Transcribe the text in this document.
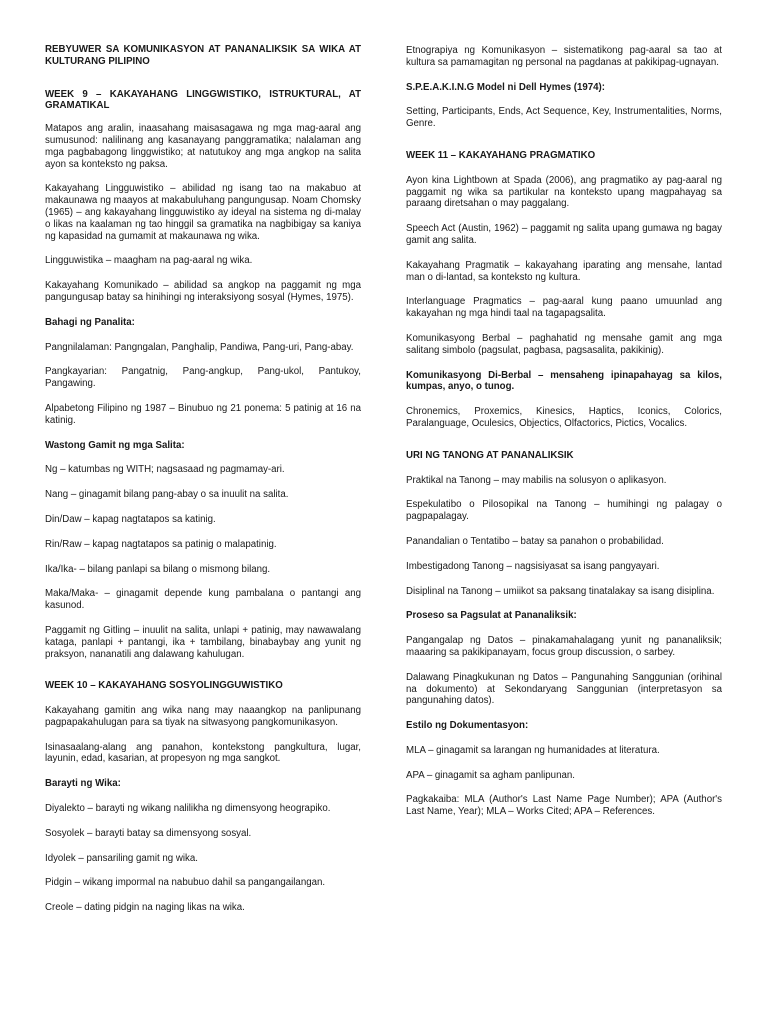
REBYUWER SA KOMUNIKASYON AT PANANALIKSIK SA WIKA AT KULTURANG PILIPINO
WEEK 9 – KAKAYAHANG LINGGWISTIKO, ISTRUKTURAL, AT GRAMATIKAL

Matapos ang aralin, inaasahang maisasagawa ng mga mag-aaral ang sumusunod: nalilinang ang kasanayang panggramatika; nalalaman ang mga pagbabagong linggwistiko; at natutukoy ang mga angkop na salita ayon sa konteksto ng paksa.

Kakayahang Lingguwistiko – abilidad ng isang tao na makabuo at makaunawa ng maayos at makabuluhang pangungusap. Noam Chomsky (1965) – ang kakayahang lingguwistiko ay ideyal na sistema ng di-malay o likas na kaalaman ng tao hinggil sa gramatika na nagbibigay sa kaniya ng kapasidad na gumamit at makaunawa ng wika.

Lingguwistika – maagham na pag-aaral ng wika.

Kakayahang Komunikado – abilidad sa angkop na paggamit ng mga pangungusap batay sa hinihingi ng interaksiyong sosyal (Hymes, 1975).

Bahagi ng Panalita:

Pangnilalaman: Pangngalan, Panghalip, Pandiwa, Pang-uri, Pang-abay.

Pangkayarian: Pangatnig, Pang-angkup, Pang-ukol, Pantukoy, Pangawing.

Alpabetong Filipino ng 1987 – Binubuo ng 21 ponema: 5 patinig at 16 na katinig.

Wastong Gamit ng mga Salita:

Ng – katumbas ng WITH; nagsasaad ng pagmamay-ari.

Nang – ginagamit bilang pang-abay o sa inuulit na salita.

Din/Daw – kapag nagtatapos sa katinig.

Rin/Raw – kapag nagtatapos sa patinig o malapatinig.

Ika/Ika- – bilang panlapi sa bilang o mismong bilang.

Maka/Maka- – ginagamit depende kung pambalana o pantangi ang kasunod.

Paggamit ng Gitling – inuulit na salita, unlapi + patinig, may nawawalang kataga, panlapi + pantangi, ika + tambilang, binabaybay ang yunit ng praksyon, nananatili ang dalawang kahulugan.

WEEK 10 – KAKAYAHANG SOSYOLINGGUWISTIKO

Kakayahang gamitin ang wika nang may naaangkop na panlipunang pagpapakahulugan para sa tiyak na sitwasyong pangkomunikasyon.

Isinasaalang-alang ang panahon, kontekstong pangkultura, lugar, layunin, edad, kasarian, at propesyon ng mga sangkot.

Barayti ng Wika:

Diyalekto – barayti ng wikang nalilikha ng dimensyong heograpiko.

Sosyolek – barayti batay sa dimensyong sosyal.

Idyolek – pansariling gamit ng wika.

Pidgin – wikang impormal na nabubuo dahil sa pangangailangan.

Creole – dating pidgin na naging likas na wika.

Etnograpiya ng Komunikasyon – sistematikong pag-aaral sa tao at kultura sa pamamagitan ng personal na pagdanas at pakikipag-ugnayan.

S.P.E.A.K.I.N.G Model ni Dell Hymes (1974):

Setting, Participants, Ends, Act Sequence, Key, Instrumentalities, Norms, Genre.

WEEK 11 – KAKAYAHANG PRAGMATIKO

Ayon kina Lightbown at Spada (2006), ang pragmatiko ay pag-aaral ng paggamit ng wika sa partikular na konteksto upang magpahayag sa paraang diretsahan o may paggalang.

Speech Act (Austin, 1962) – paggamit ng salita upang gumawa ng bagay gamit ang salita.

Kakayahang Pragmatik – kakayahang iparating ang mensahe, lantad man o di-lantad, sa konteksto ng kultura.

Interlanguage Pragmatics – pag-aaral kung paano umuunlad ang kakayahan ng mga hindi taal na tagapagsalita.

Komunikasyong Berbal – paghahatid ng mensahe gamit ang mga salitang simbolo (pagsulat, pagbasa, pagsasalita, pakikinig).

Komunikasyong Di-Berbal – mensaheng ipinapahayag sa kilos, kumpas, anyo, o tunog.

Chronemics, Proxemics, Kinesics, Haptics, Iconics, Colorics, Paralanguage, Oculesics, Objectics, Olfactorics, Pictics, Vocalics.

URI NG TANONG AT PANANALIKSIK

Praktikal na Tanong – may mabilis na solusyon o aplikasyon.

Espekulatibo o Pilosopikal na Tanong – humihingi ng palagay o pagpapalagay.

Panandalian o Tentatibo – batay sa panahon o probabilidad.

Imbestigadong Tanong – nagsisiyasat sa isang pangyayari.

Disiplinal na Tanong – umiikot sa paksang tinatalakay sa isang disiplina.

Proseso sa Pagsulat at Pananaliksik:

Pangangalap ng Datos – pinakamahalagang yunit ng pananaliksik; maaaring sa pakikipanayam, focus group discussion, o sarbey.

Dalawang Pinagkukunan ng Datos – Pangunahing Sanggunian (orihinal na dokumento) at Sekondaryang Sanggunian (interpretasyon sa pangunahing datos).

Estilo ng Dokumentasyon:

MLA – ginagamit sa larangan ng humanidades at literatura.

APA – ginagamit sa agham panlipunan.

Pagkakaiba: MLA (Author's Last Name Page Number); APA (Author's Last Name, Year); MLA – Works Cited; APA – References.
